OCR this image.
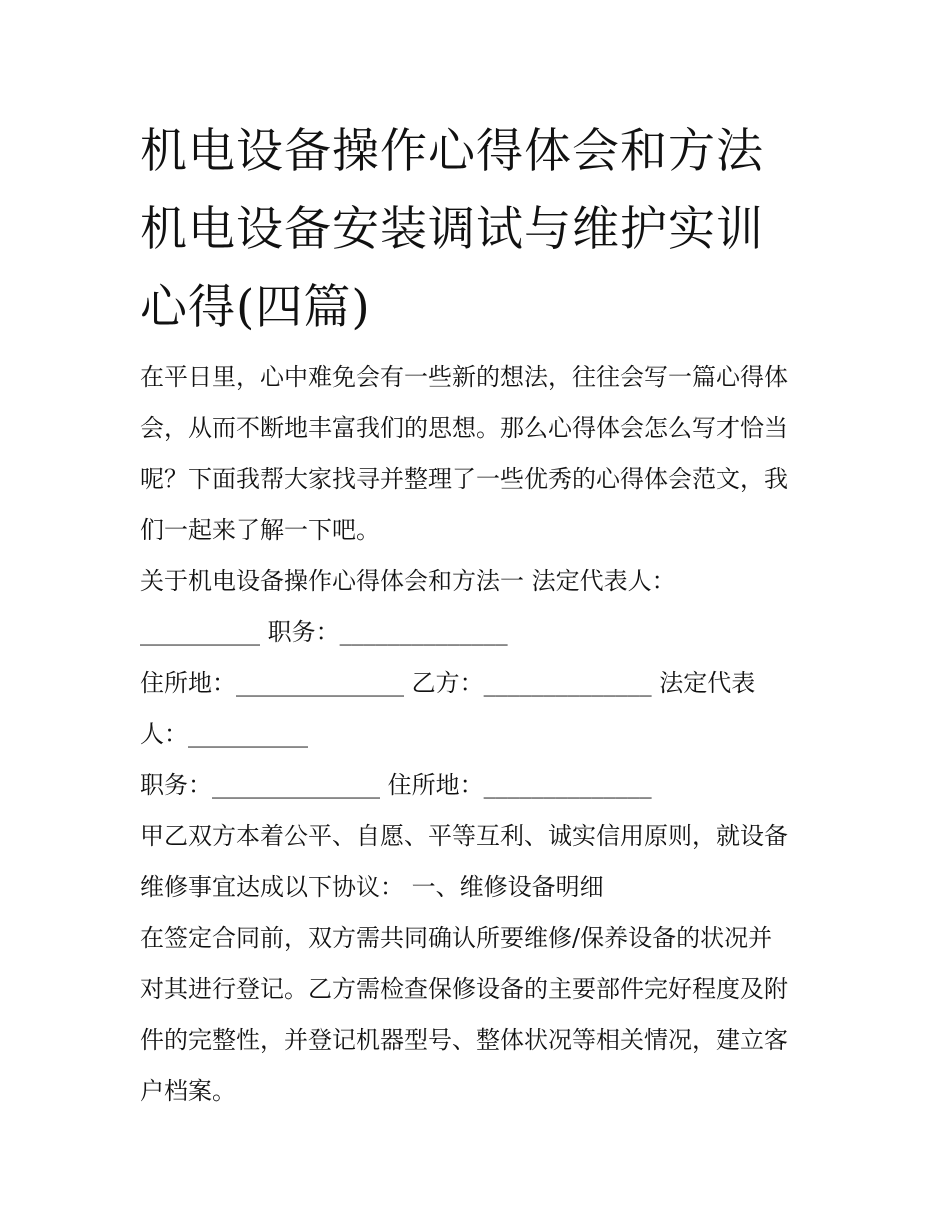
机电设备操作心得体会和方法
机电设备安装调试与维护实训
心得(四篇)
在平日里，心中难免会有一些新的想法，往往会写一篇心得体
会，从而不断地丰富我们的思想。那么心得体会怎么写才恰当
呢？下面我帮大家找寻并整理了一些优秀的心得体会范文，我
们一起来了解一下吧。
关于机电设备操作心得体会和方法一 法定代表人：
__________ 职务：______________
住所地：______________ 乙方：______________ 法定代表
人：__________
职务：______________ 住所地：______________
甲乙双方本着公平、自愿、平等互利、诚实信用原则，就设备
维修事宜达成以下协议： 一、维修设备明细
在签定合同前，双方需共同确认所要维修/保养设备的状况并
对其进行登记。乙方需检查保修设备的主要部件完好程度及附
件的完整性，并登记机器型号、整体状况等相关情况，建立客
户档案。
